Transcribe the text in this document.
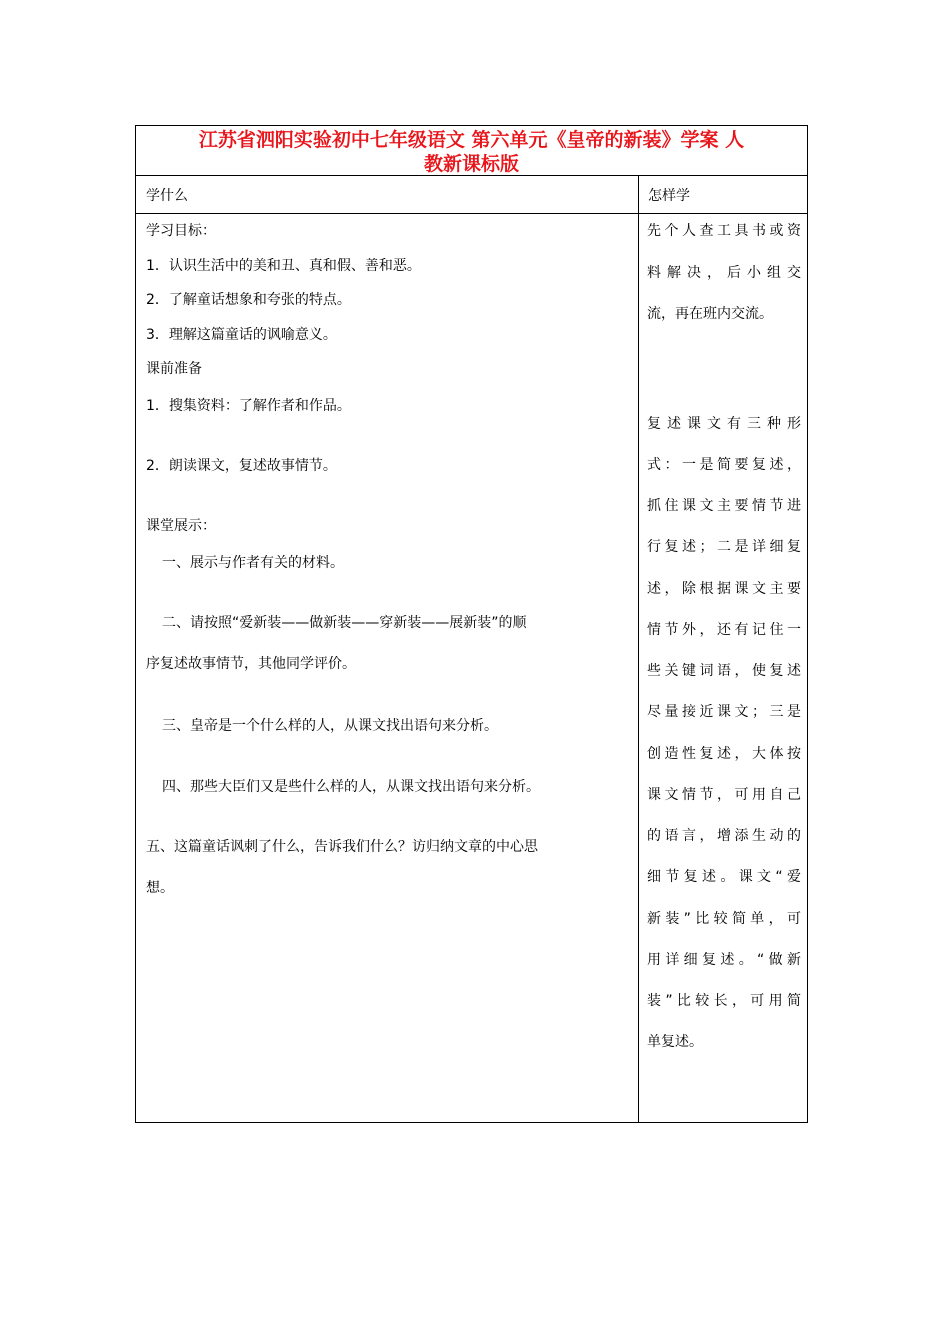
江苏省泗阳实验初中七年级语文 第六单元《皇帝的新装》学案 人
教新课标版
学什么	怎样学
学习目标：
1．认识生活中的美和丑、真和假、善和恶。
2．了解童话想象和夸张的特点。
3．理解这篇童话的讽喻意义。
课前准备
1．搜集资料：了解作者和作品。
2．朗读课文，复述故事情节。
课堂展示：
一、展示与作者有关的材料。
二、请按照“爱新装——做新装——穿新装——展新装”的顺
序复述故事情节，其他同学评价。
三、皇帝是一个什么样的人，从课文找出语句来分析。
四、那些大臣们又是些什么样的人，从课文找出语句来分析。
五、这篇童话讽刺了什么，告诉我们什么？访归纳文章的中心思
想。
先个人查工具书或资
料解决，后小组交
流，再在班内交流。
复述课文有三种形
式：一是简要复述，
抓住课文主要情节进
行复述；二是详细复
述，除根据课文主要
情节外，还有记住一
些关键词语，使复述
尽量接近课文；三是
创造性复述，大体按
课文情节，可用自己
的语言，增添生动的
细节复述。课文“爱
新装”比较简单，可
用详细复述。“做新
装”比较长，可用简
单复述。
